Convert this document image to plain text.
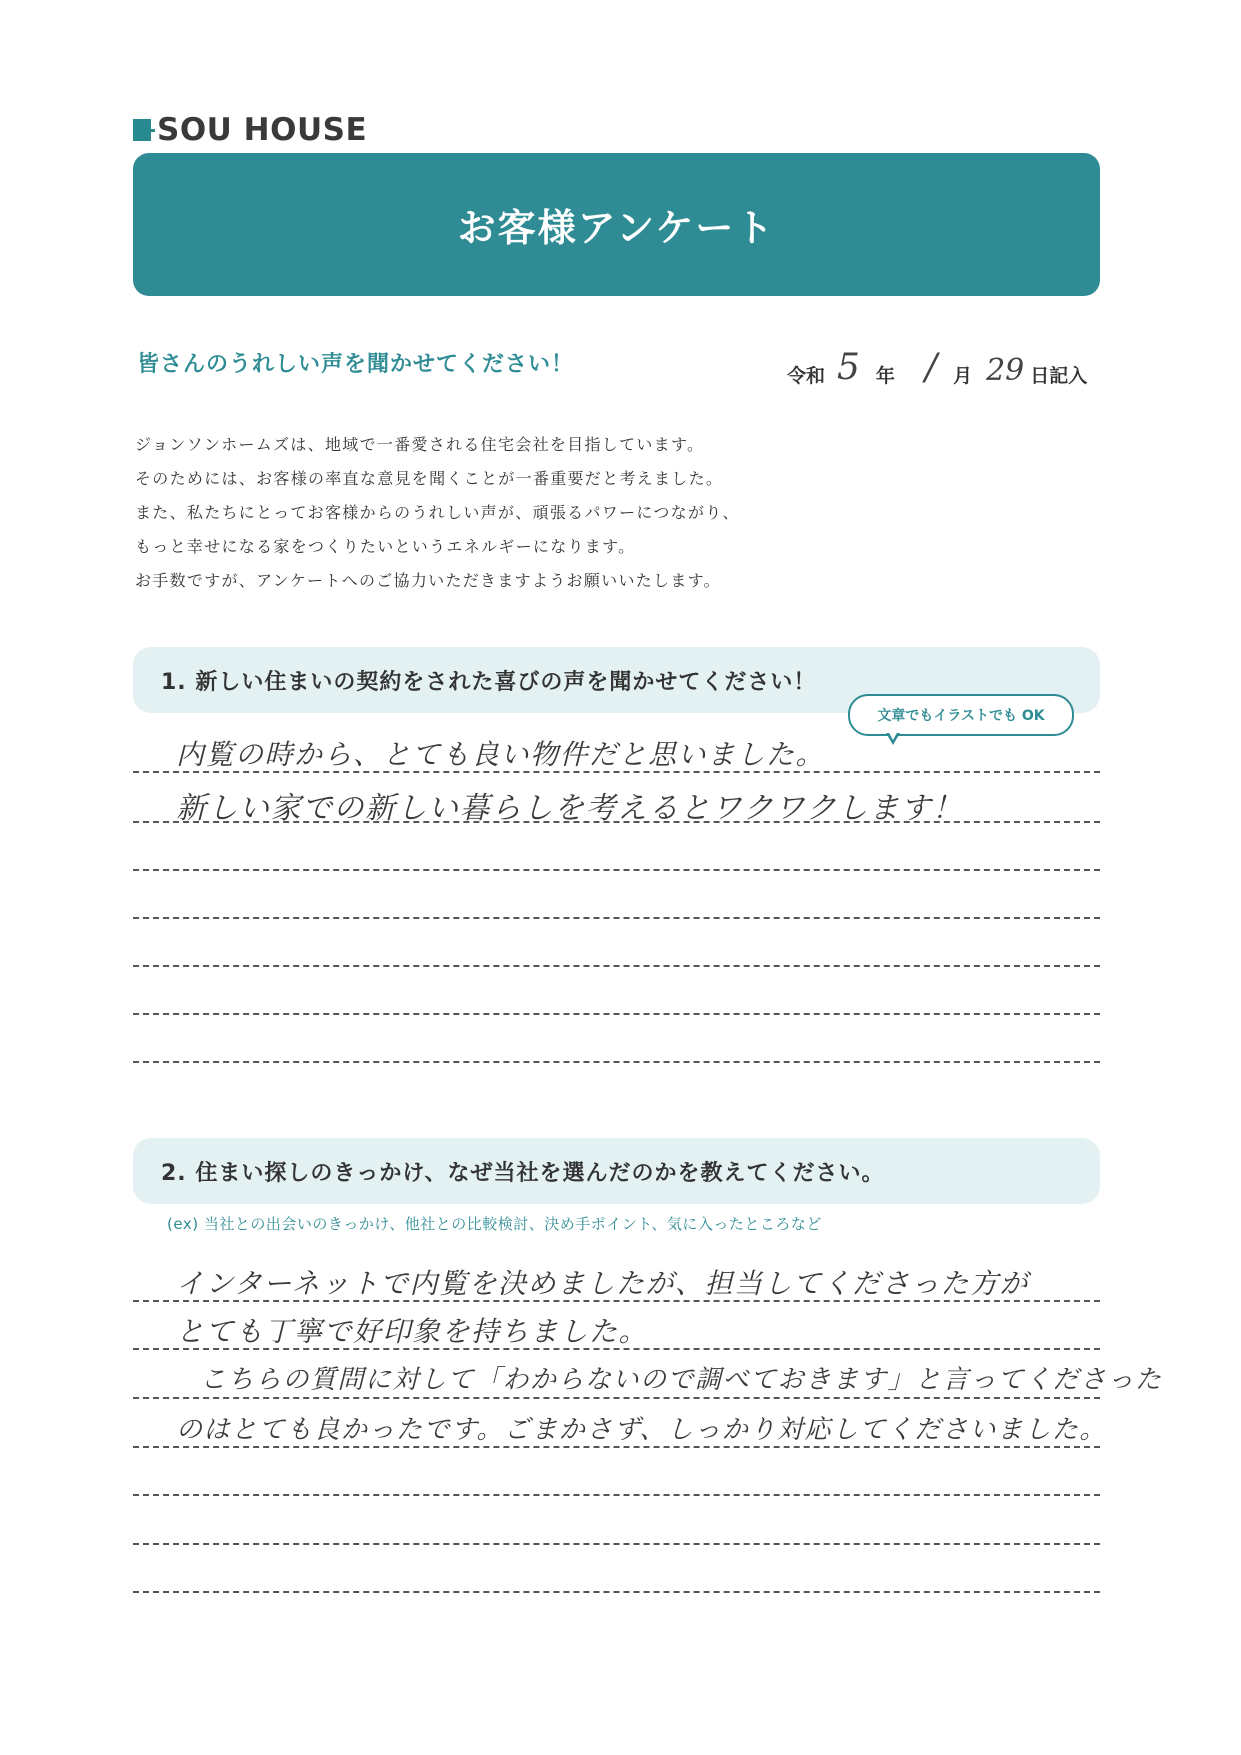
SOU HOUSE
お客様アンケート
皆さんのうれしい声を聞かせてください！	令和 5 年 / 月 29 日 記入
ジョンソンホームズは、地域で一番愛される住宅会社を目指しています。
そのためには、お客様の率直な意見を聞くことが一番重要だと考えました。
また、私たちにとってお客様からのうれしい声が、頑張るパワーにつながり、
もっと幸せになる家をつくりたいというエネルギーになります。
お手数ですが、アンケートへのご協力いただきますようお願いいたします。
1. 新しい住まいの契約をされた喜びの声を聞かせてください！
文章でもイラストでも OK
内覧の時から、とても良い物件だと思いました。
新しい家での新しい暮らしを考えるとワクワクします！
2. 住まい探しのきっかけ、なぜ当社を選んだのかを教えてください。
(ex) 当社との出会いのきっかけ、他社との比較検討、決め手ポイント、気に入ったところなど
インターネットで内覧を決めましたが、担当してくださった方が
とても丁寧で好印象を持ちました。
こちらの質問に対して「わからないので調べておきます」と言ってくださった
のはとても良かったです。ごまかさず、しっかり対応してくださいました。
